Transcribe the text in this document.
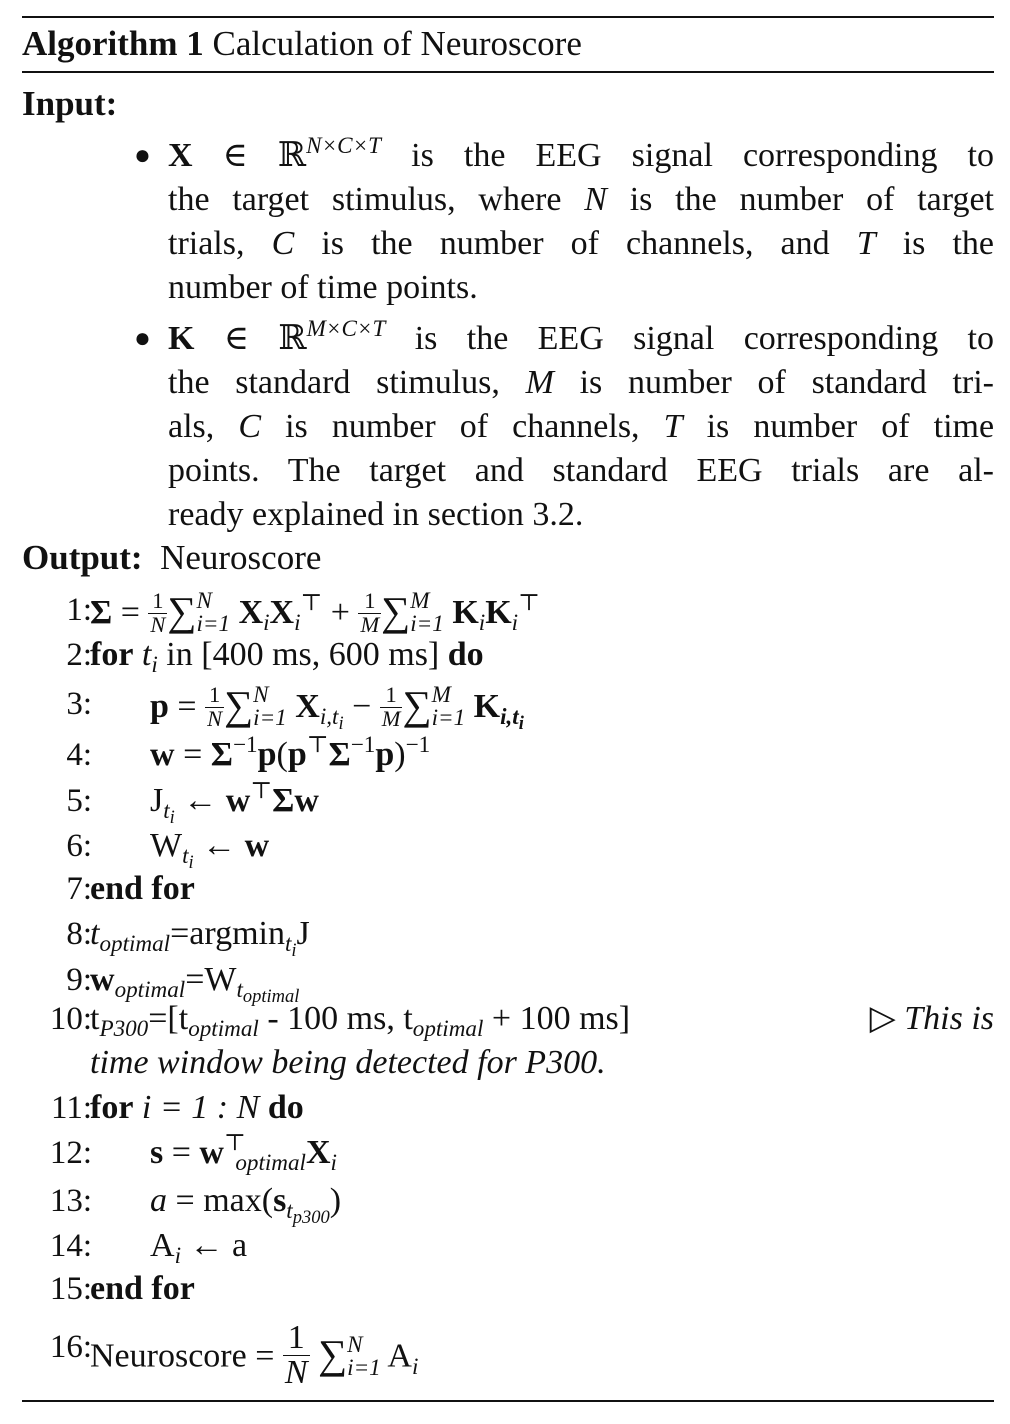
Algorithm 1 Calculation of Neuroscore
Input:
● X ∈ ℝ$^{N\times C\times T}$ is the EEG signal corresponding to
the target stimulus, where N is the number of target
trials, C is the number of channels, and T is the
number of time points.
● K ∈ ℝ$^{M\times C\times T}$ is the EEG signal corresponding to
the standard stimulus, M is number of standard tri-
als, C is number of channels, T is number of time
points. The target and standard EEG trials are al-
ready explained in section 3.2.
Output: Neuroscore
1:
$\Sigma = \frac{1}{N}$ ∑ N
i=1 $X_iX_i^⊤ + \frac{1}{M}$ ∑ M
i=1 $K_iK_i^⊤$
2:
for $t_i$ in [400 ms, 600 ms] do
3: $p = \frac{1}{N}$ ∑ N
i=1 $X_{i,t_i} - \frac{1}{M}$ ∑ M
i=1 $K_{i,t_i}$
4: $w = \Sigma^{-1}p(p^⊤\Sigma^{-1}p)^{-1}$
5: $J_{t_i}$ ← w⊤Σw
6: $W_{t_i}$ ← w
7:
end for
8:
$t_{optimal}=argmin_{t_i}J$
9:
$w_{optimal}=W_{t_{optimal}}$
10:
$t_{P300}=[t_{optimal} - 100$ ms, $t_{optimal} + 100$ ms]	▷ This is
time window being detected for P300.
11:
for i = 1 : N do
12: $s = w^⊤_{optimal}X_i$
13: $a = \max(s_{t_{p300}})$
14: $A_i$ ← a
15:
end for
16:
Neuroscore = $\frac{1}{N}$ ∑ N
i=1 $A_i$
